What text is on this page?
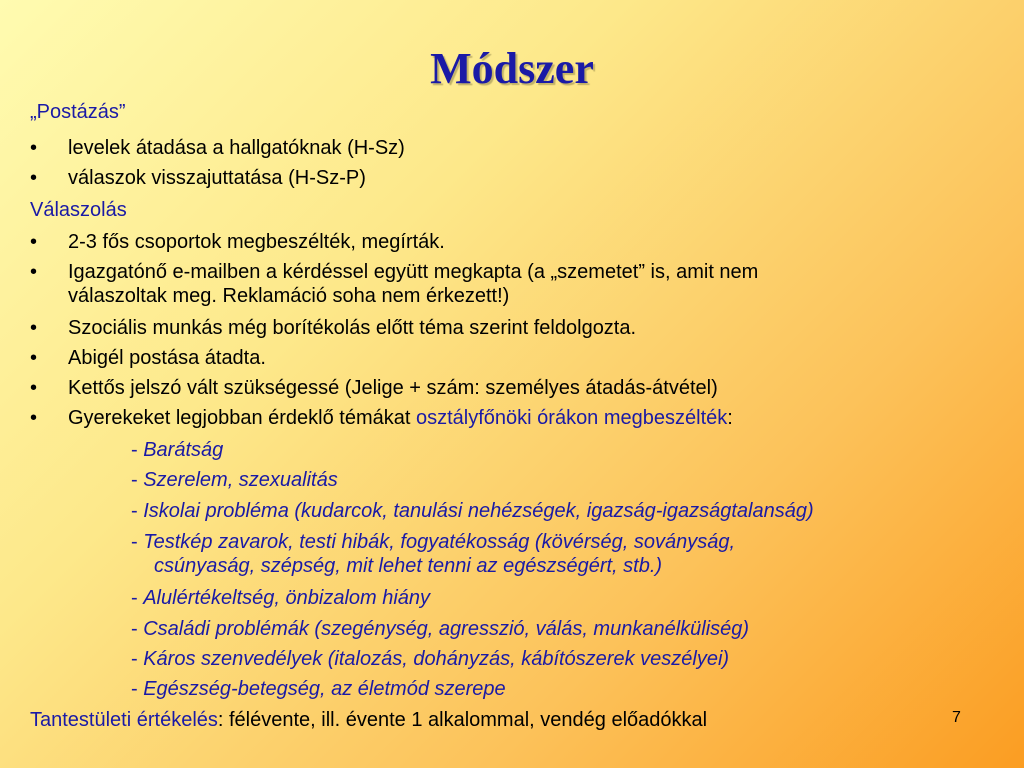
Módszer
„Postázás”
• levelek átadása a hallgatóknak (H-Sz)
• válaszok visszajuttatása (H-Sz-P)
Válaszolás
• 2-3 fős csoportok megbeszélték, megírták.
• Igazgatónő e-mailben a kérdéssel együtt megkapta (a „szemetet” is, amit nem
válaszoltak meg. Reklamáció soha nem érkezett!)
• Szociális munkás még borítékolás előtt téma szerint feldolgozta.
• Abigél postása átadta.
• Kettős jelszó vált szükségessé (Jelige + szám: személyes átadás-átvétel)
• Gyerekeket legjobban érdeklő témákat osztályfőnöki órákon megbeszélték:
- Barátság
- Szerelem, szexualitás
- Iskolai probléma (kudarcok, tanulási nehézségek, igazság-igazságtalanság)
- Testkép zavarok, testi hibák, fogyatékosság (kövérség, soványság,
csúnyaság, szépség, mit lehet tenni az egészségért, stb.)
- Alulértékeltség, önbizalom hiány
- Családi problémák (szegénység, agresszió, válás, munkanélküliség)
- Káros szenvedélyek (italozás, dohányzás, kábítószerek veszélyei)
- Egészség-betegség, az életmód szerepe
Tantestületi értékelés: félévente, ill. évente 1 alkalommal, vendég előadókkal	7
